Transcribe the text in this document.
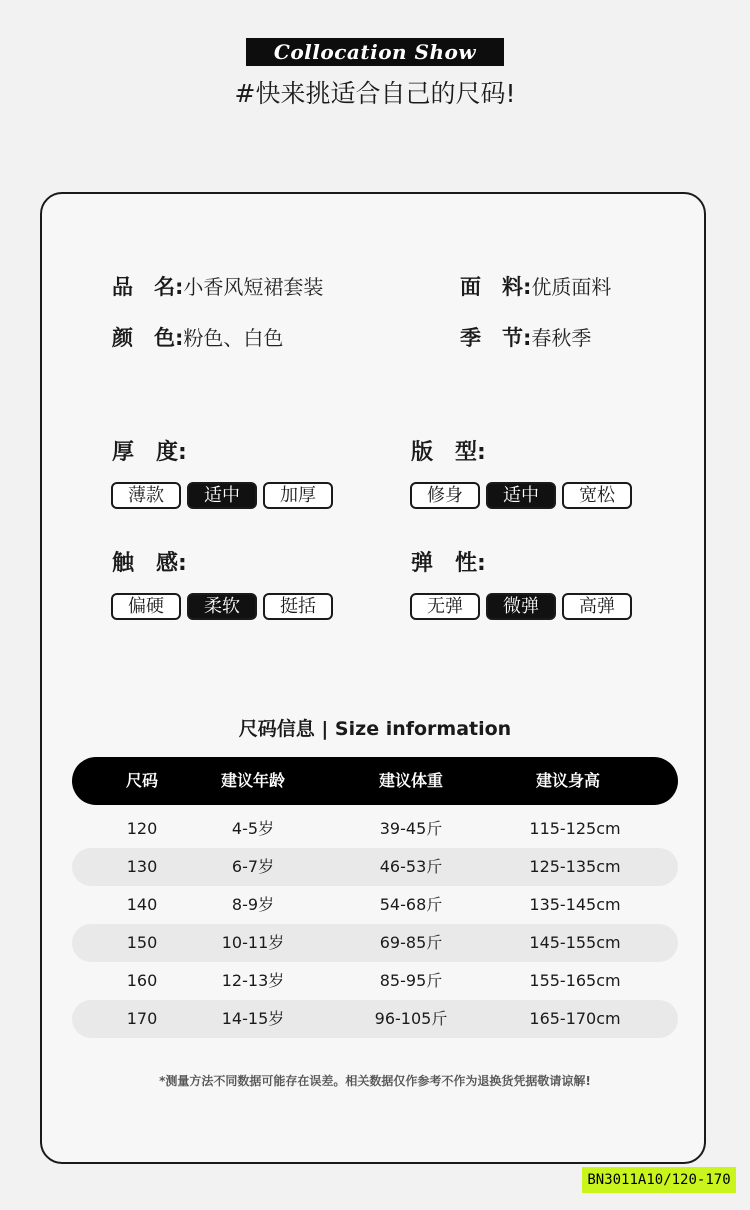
Collocation Show
#快来挑适合自己的尺码!
品　名:小香风短裙套装	面　料:优质面料
颜　色:粉色、白色	季　节:春秋季
厚　度:
薄款	适中	加厚
版　型:
修身	适中	宽松
触　感:
偏硬	柔软	挺括
弹　性:
无弹	微弹	高弹
尺码信息 | Size information
尺码	建议年龄	建议体重	建议身高
120	4-5岁	39-45斤	115-125cm
130	6-7岁	46-53斤	125-135cm
140	8-9岁	54-68斤	135-145cm
150	10-11岁	69-85斤	145-155cm
160	12-13岁	85-95斤	155-165cm
170	14-15岁	96-105斤	165-170cm
*测量方法不同数据可能存在误差。相关数据仅作参考不作为退换货凭据敬请谅解!
BN3011A10/120-170
